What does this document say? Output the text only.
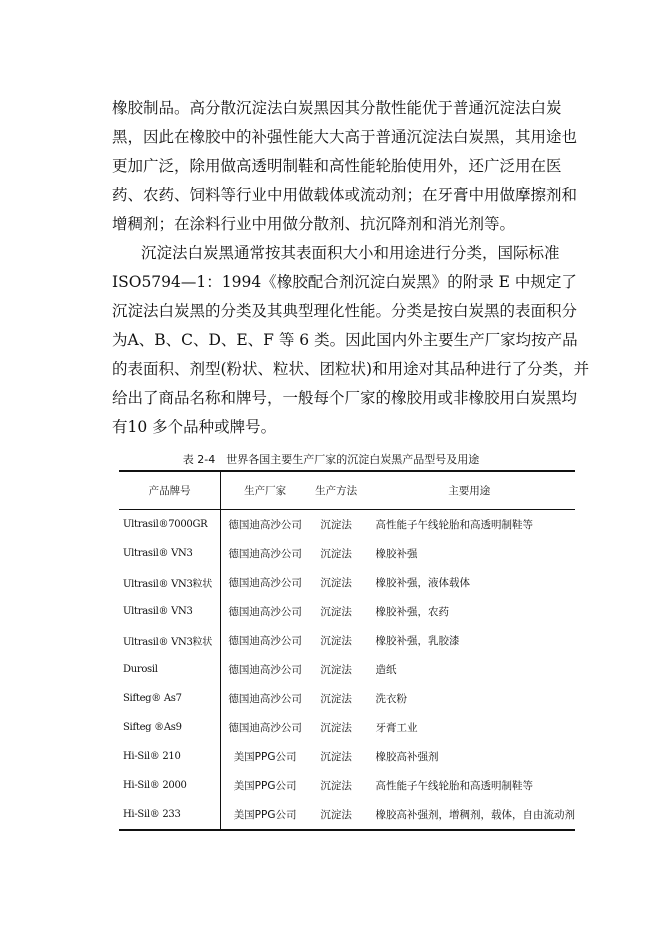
橡胶制品。高分散沉淀法白炭黑因其分散性能优于普通沉淀法白炭黑，因此在橡胶中的补强性能大大高于普通沉淀法白炭黑，其用途也更加广泛，除用做高透明制鞋和高性能轮胎使用外，还广泛用在医药、农药、饲料等行业中用做载体或流动剂；在牙膏中用做摩擦剂和增稠剂；在涂料行业中用做分散剂、抗沉降剂和消光剂等。

沉淀法白炭黑通常按其表面积大小和用途进行分类，国际标准ISO5794—1：1994《橡胶配合剂沉淀白炭黑》的附录 E 中规定了沉淀法白炭黑的分类及其典型理化性能。分类是按白炭黑的表面积分为A、B、C、D、E、F 等 6 类。因此国内外主要生产厂家均按产品的表面积、剂型(粉状、粒状、团粒状)和用途对其品种进行了分类，并给出了商品名称和牌号，一般每个厂家的橡胶用或非橡胶用白炭黑均有10 多个品种或牌号。

表 2-4　世界各国主要生产厂家的沉淀白炭黑产品型号及用途
产品牌号	生产厂家	生产方法	主要用途
Ultrasil®7000GR	德国迪高沙公司	沉淀法	高性能子午线轮胎和高透明制鞋等
Ultrasil® VN3	德国迪高沙公司	沉淀法	橡胶补强
Ultrasil® VN3粒状	德国迪高沙公司	沉淀法	橡胶补强，液体载体
Ultrasil® VN3	德国迪高沙公司	沉淀法	橡胶补强，农药
Ultrasil® VN3粒状	德国迪高沙公司	沉淀法	橡胶补强，乳胶漆
Durosil	德国迪高沙公司	沉淀法	造纸
Sifteg® As7	德国迪高沙公司	沉淀法	洗衣粉
Sifteg ®As9	德国迪高沙公司	沉淀法	牙膏工业
Hi-Sil® 210	美国PPG公司	沉淀法	橡胶高补强剂
Hi-Sil® 2000	美国PPG公司	沉淀法	高性能子午线轮胎和高透明制鞋等
Hi-Sil® 233	美国PPG公司	沉淀法	橡胶高补强剂，增稠剂，载体，自由流动剂
